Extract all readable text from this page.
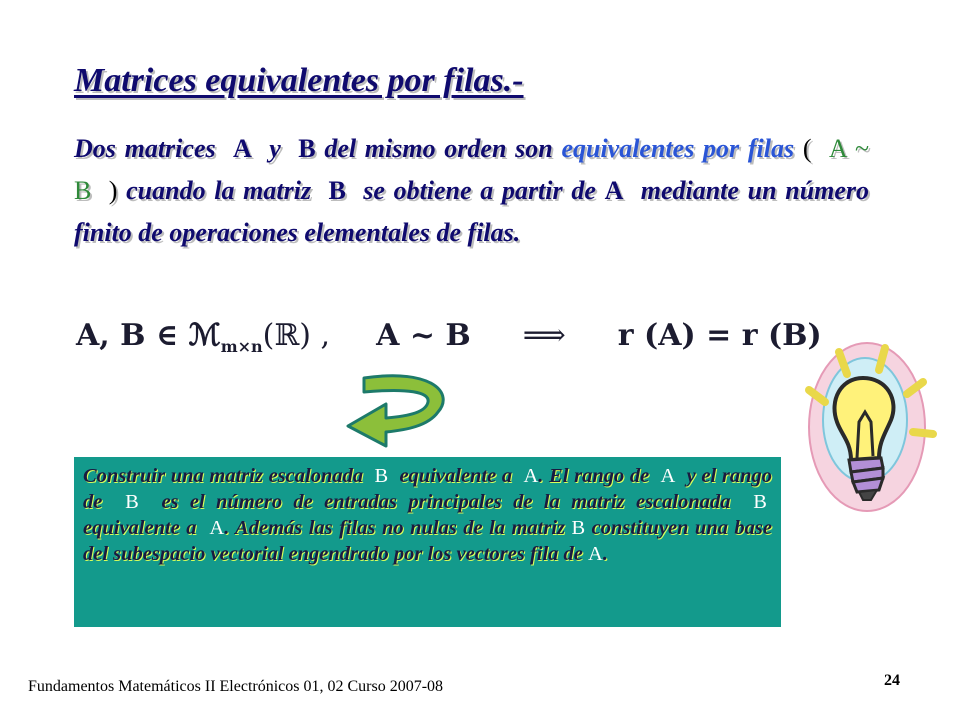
Matrices equivalentes por filas.-

Dos matrices A y B del mismo orden son equivalentes por filas ( A ~ B ) cuando la matriz B se obtiene a partir de A mediante un número finito de operaciones elementales de filas.

A, B ∈ ℳ$_{m\times n}$(ℝ) , A ~ B ⟹ r (A) = r (B)

Construir una matriz escalonada B equivalente a A. El rango de A y el rango de B es el número de entradas principales de la matriz escalonada B  equivalente a A. Además las filas no nulas de la matriz B constituyen una base del subespacio vectorial engendrado por los vectores fila de A.

Fundamentos Matemáticos II Electrónicos 01, 02 Curso 2007-08	24
